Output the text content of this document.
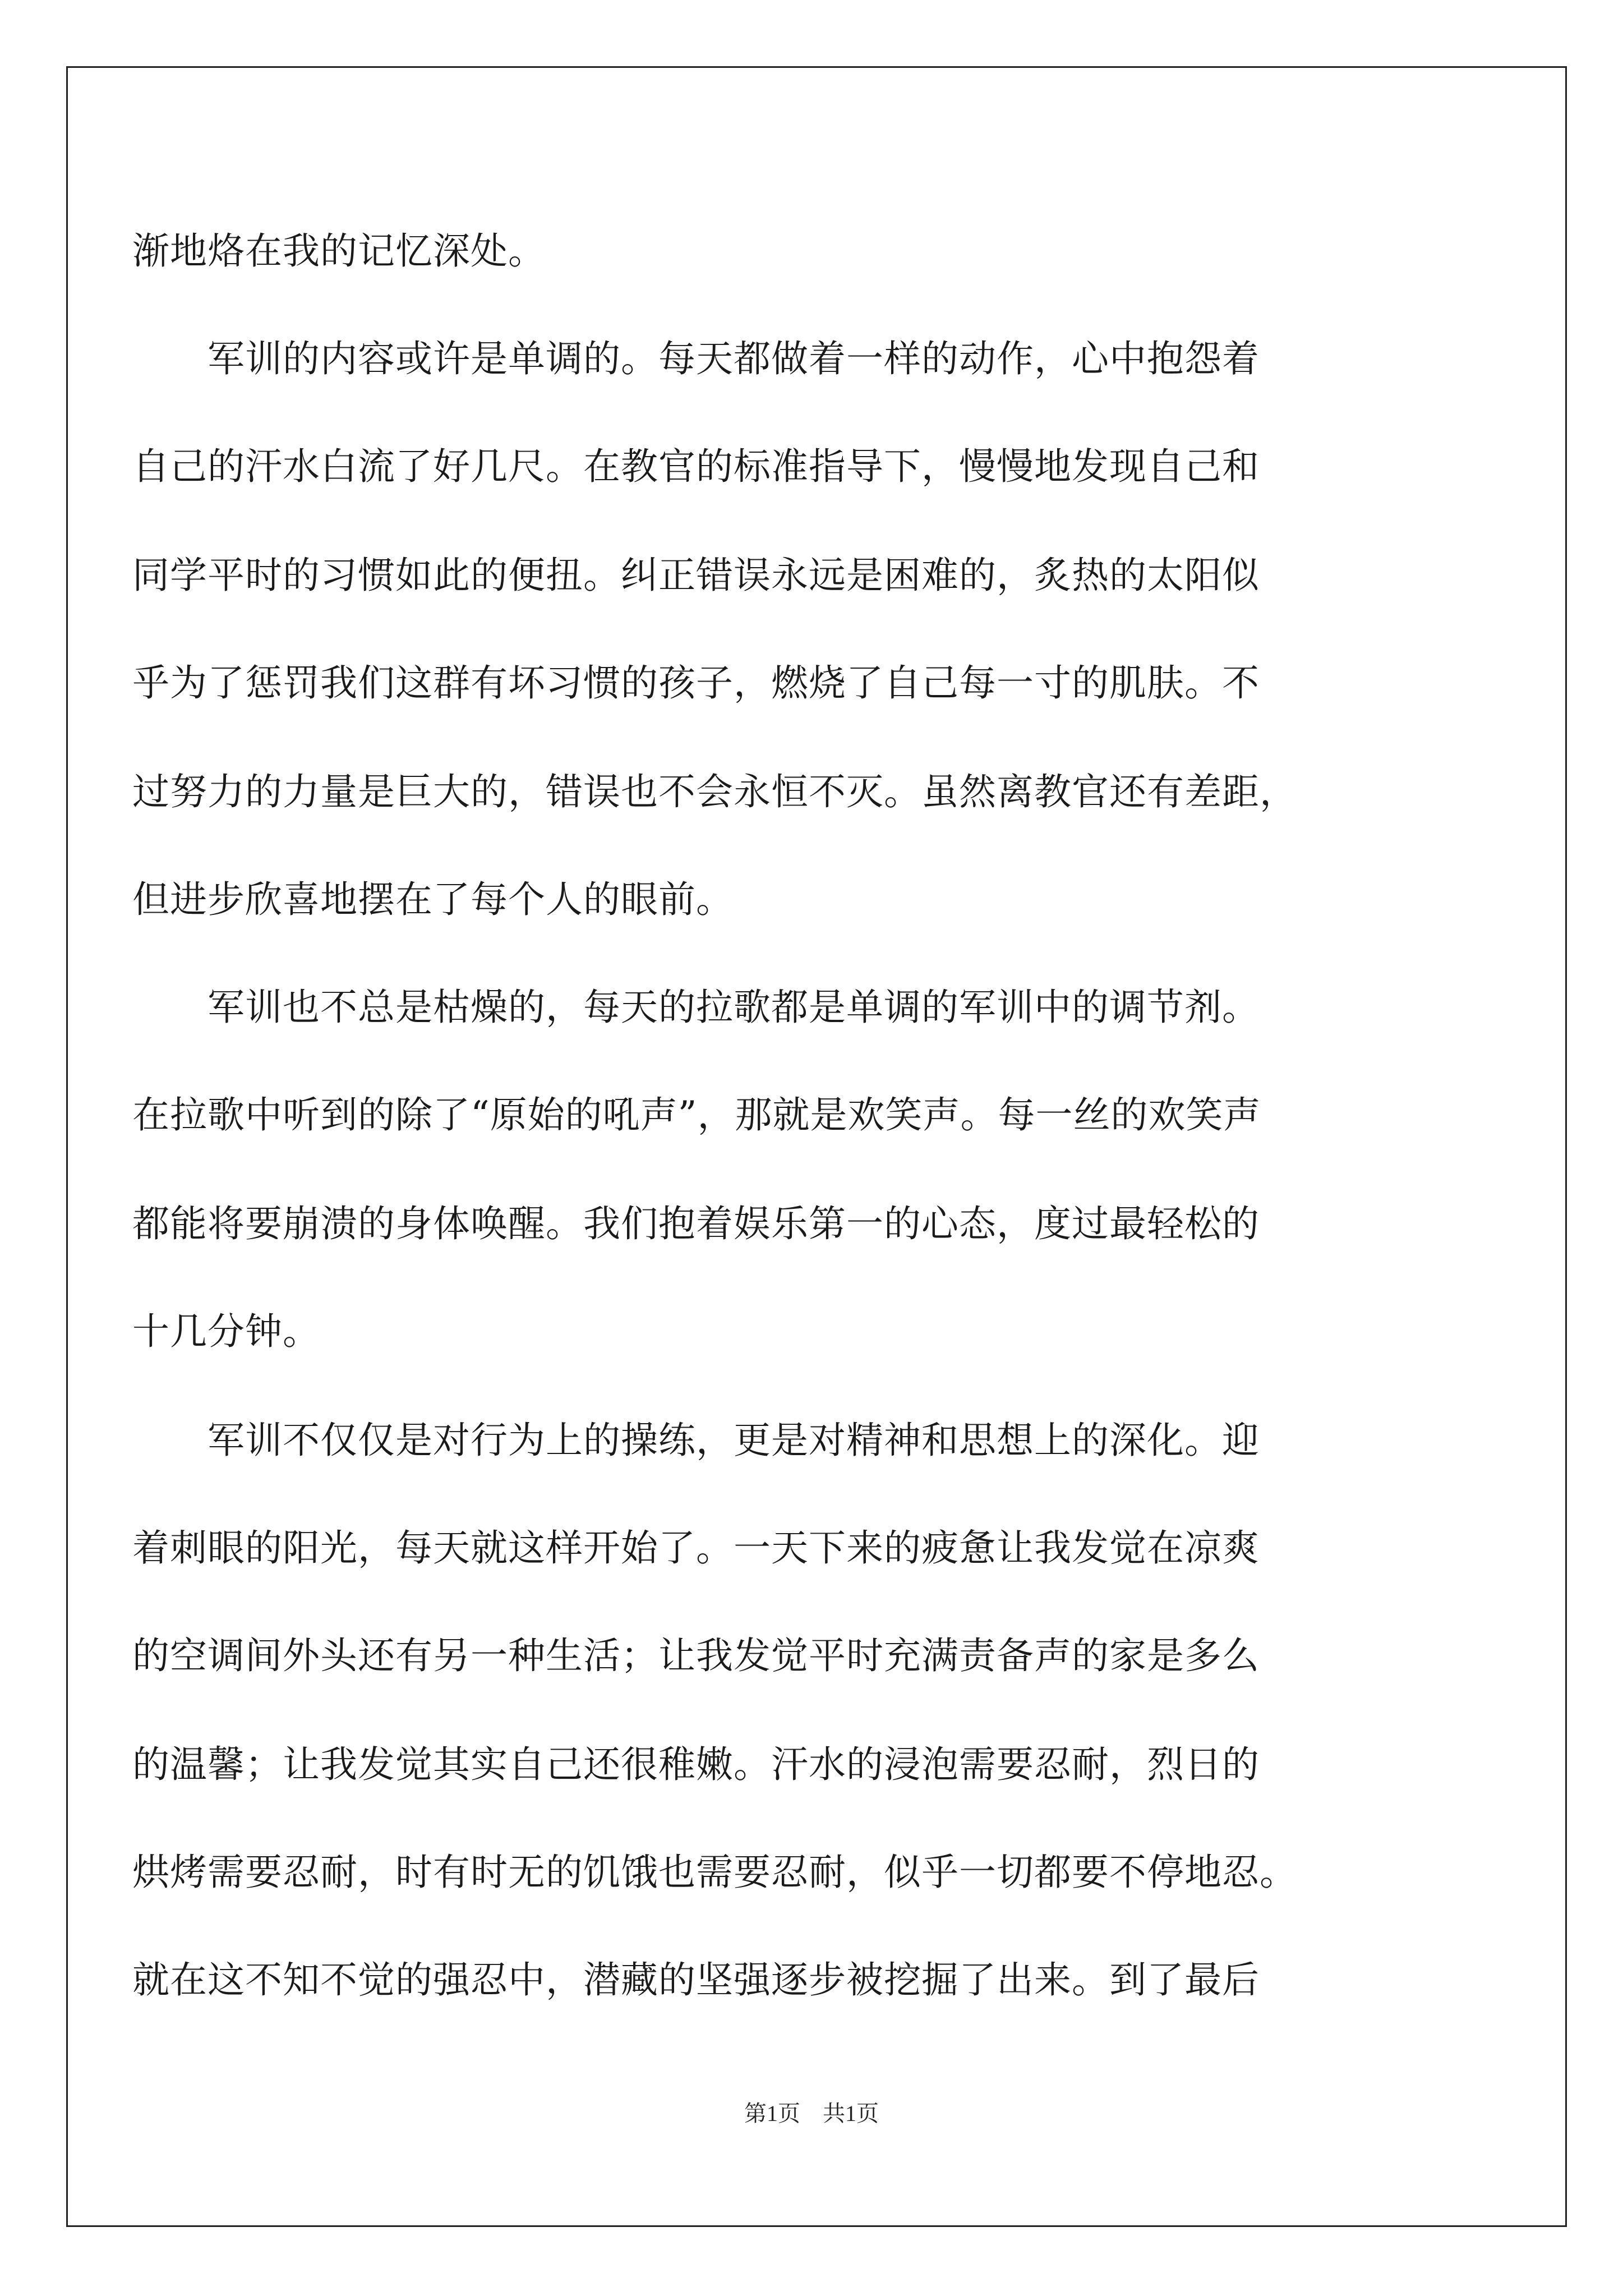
渐地烙在我的记忆深处。
　　军训的内容或许是单调的。每天都做着一样的动作，心中抱怨着
自己的汗水白流了好几尺。在教官的标准指导下，慢慢地发现自己和
同学平时的习惯如此的便扭。纠正错误永远是困难的，炙热的太阳似
乎为了惩罚我们这群有坏习惯的孩子，燃烧了自己每一寸的肌肤。不
过努力的力量是巨大的，错误也不会永恒不灭。虽然离教官还有差距，
但进步欣喜地摆在了每个人的眼前。
　　军训也不总是枯燥的，每天的拉歌都是单调的军训中的调节剂。
在拉歌中听到的除了“原始的吼声”，那就是欢笑声。每一丝的欢笑声
都能将要崩溃的身体唤醒。我们抱着娱乐第一的心态，度过最轻松的
十几分钟。
　　军训不仅仅是对行为上的操练，更是对精神和思想上的深化。迎
着刺眼的阳光，每天就这样开始了。一天下来的疲惫让我发觉在凉爽
的空调间外头还有另一种生活；让我发觉平时充满责备声的家是多么
的温馨；让我发觉其实自己还很稚嫩。汗水的浸泡需要忍耐，烈日的
烘烤需要忍耐，时有时无的饥饿也需要忍耐，似乎一切都要不停地忍。
就在这不知不觉的强忍中，潜藏的坚强逐步被挖掘了出来。到了最后
第1页　共1页
